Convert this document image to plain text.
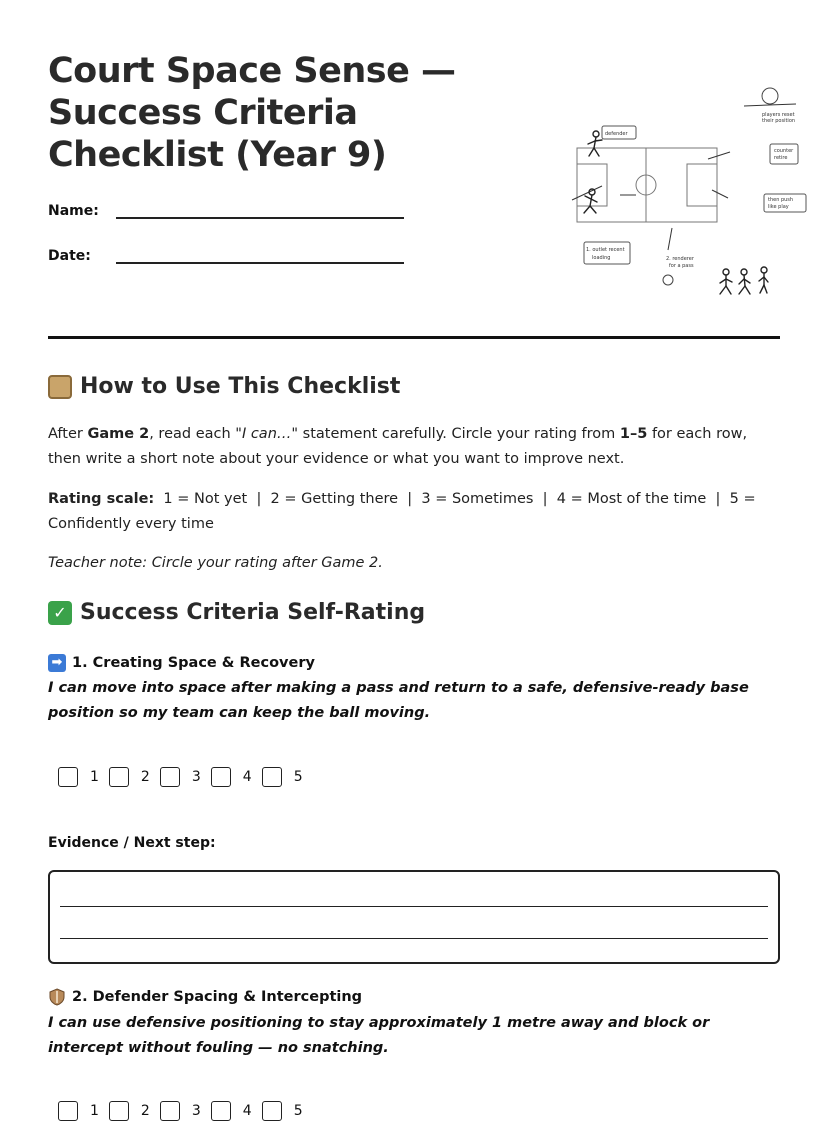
Court Space Sense —
Success Criteria
Checklist (Year 9)
Name:
Date:
defender
players reset
their position
counter
retire
then push
like play
1. outlet recent
loading	2. renderer
for a pass
How to Use This Checklist

After Game 2, read each "I can…" statement carefully. Circle your rating from 1–5 for each row, then write a short note about your evidence or what you want to improve next.

Rating scale:  1 = Not yet  |  2 = Getting there  |  3 = Sometimes  |  4 = Most of the time  |  5 = Confidently every time

Teacher note: Circle your rating after Game 2.

✓ Success Criteria Self-Rating
➡ 1. Creating Space & Recovery
I can move into space after making a pass and return to a safe, defensive-ready base position so my team can keep the ball moving.
1	2	3	4	5
Evidence / Next step:
2. Defender Spacing & Intercepting
I can use defensive positioning to stay approximately 1 metre away and block or intercept without fouling — no snatching.
1	2	3	4	5
